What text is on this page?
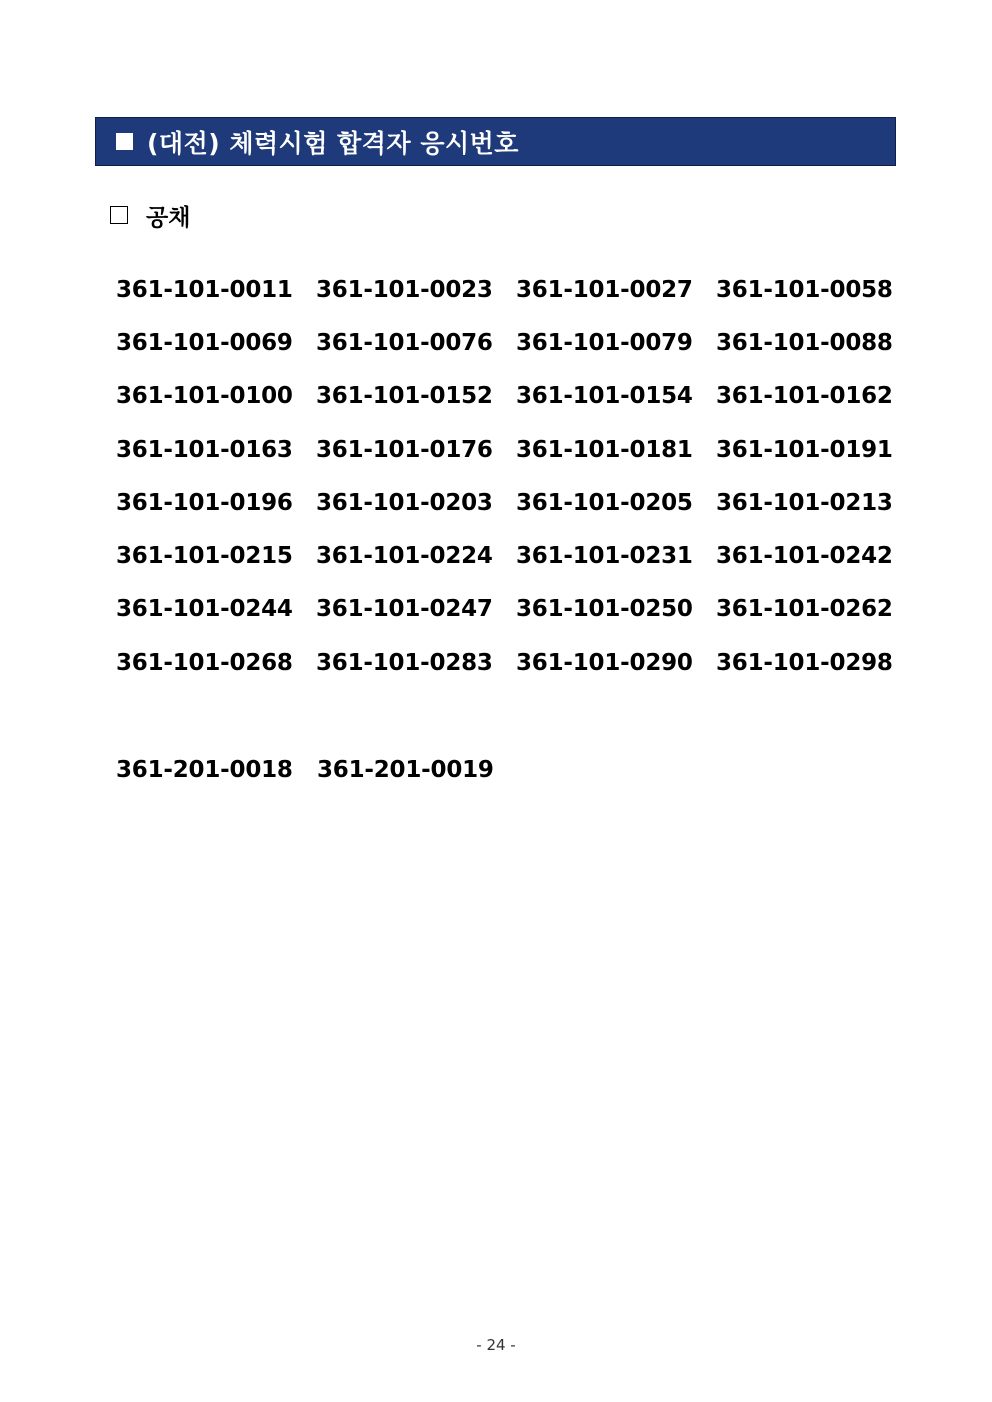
(대전) 체력시험 합격자 응시번호
공채
361-101-0011	361-101-0023	361-101-0027	361-101-0058
361-101-0069	361-101-0076	361-101-0079	361-101-0088
361-101-0100	361-101-0152	361-101-0154	361-101-0162
361-101-0163	361-101-0176	361-101-0181	361-101-0191
361-101-0196	361-101-0203	361-101-0205	361-101-0213
361-101-0215	361-101-0224	361-101-0231	361-101-0242
361-101-0244	361-101-0247	361-101-0250	361-101-0262
361-101-0268	361-101-0283	361-101-0290	361-101-0298
361-201-0018	361-201-0019
- 24 -
